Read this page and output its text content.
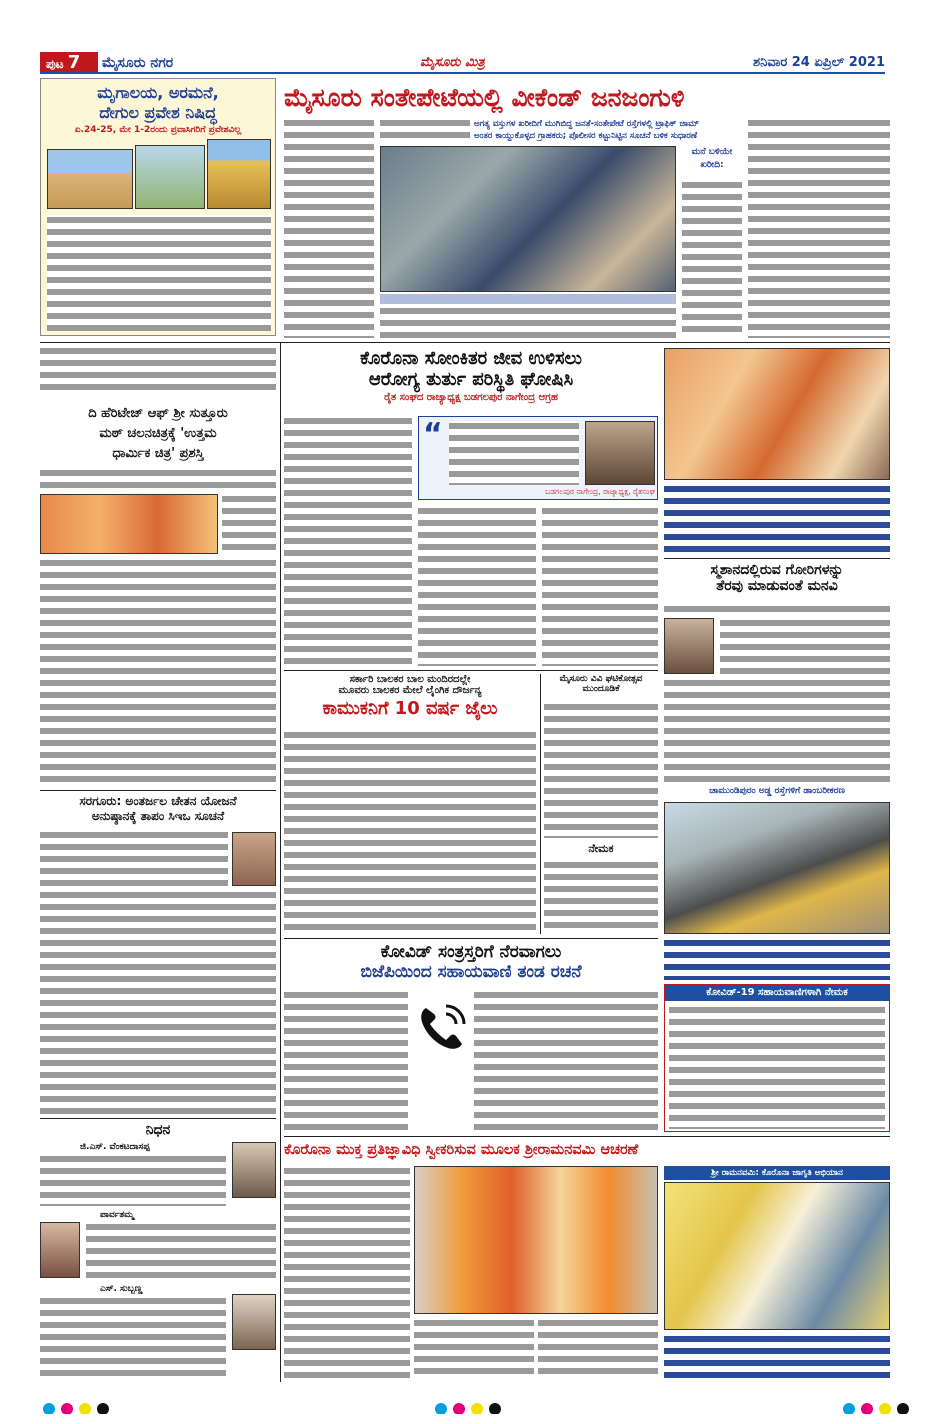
ಪುಟ 7	ಮೈಸೂರು ನಗರ	ಮೈಸೂರು ಮಿತ್ರ	ಶನಿವಾರ 24 ಏಪ್ರಿಲ್ 2021
ಮೃಗಾಲಯ, ಅರಮನೆ,
ದೇಗುಲ ಪ್ರವೇಶ ನಿಷಿದ್ಧ
ಏ.24-25, ಮೇ 1-2ರಂದು ಪ್ರವಾಸಿಗರಿಗೆ ಪ್ರವೇಶವಿಲ್ಲ
ಮೈಸೂರು ಸಂತೇಪೇಟೆಯಲ್ಲಿ ವೀಕೆಂಡ್ ಜನಜಂಗುಳಿ
ಅಗತ್ಯ ವಸ್ತುಗಳ ಖರೀದಿಗೆ ಮುಗಿಬಿದ್ದ ಜನತೆ-ಸಂತೇಪೇಟೆ ರಸ್ತೆಗಳಲ್ಲಿ ಟ್ರಾಫಿಕ್ ಜಾಮ್
ಅಂತರ ಕಾಯ್ದುಕೊಳ್ಳದ ಗ್ರಾಹಕರು; ಪೊಲೀಸರ ಕಟ್ಟುನಿಟ್ಟಿನ ಸೂಚನೆ ಬಳಿಕ ಸುಧಾರಣೆ
ಮನೆ ಬಳಿಯೇ ಖರೀದಿ:
ದಿ ಹೆರಿಟೇಜ್ ಆಫ್ ಶ್ರೀ ಸುತ್ತೂರು
ಮಠ್ ಚಲನಚಿತ್ರಕ್ಕೆ 'ಉತ್ತಮ
ಧಾರ್ಮಿಕ ಚಿತ್ರ' ಪ್ರಶಸ್ತಿ
ಸರಗೂರು: ಅಂತರ್ಜಲ ಚೇತನ ಯೋಜನೆ
ಅನುಷ್ಠಾನಕ್ಕೆ ತಾಪಂ ಸಿಇಒ ಸೂಚನೆ
ನಿಧನ
ಜಿ.ಎಸ್. ವೆಂಕಟದಾಸಪ್ಪ
ಪಾರ್ವತಮ್ಮ
ಎಸ್. ಸುಬ್ಬಣ್ಣ
ಕೊರೊನಾ ಸೋಂಕಿತರ ಜೀವ ಉಳಿಸಲು
ಆರೋಗ್ಯ ತುರ್ತು ಪರಿಸ್ಥಿತಿ ಘೋಷಿಸಿ
ರೈತ ಸಂಘದ ರಾಜ್ಯಾಧ್ಯಕ್ಷ ಬಡಗಲಪುರ ನಾಗೇಂದ್ರ ಆಗ್ರಹ
“
ಬಡಗಲಪುರ ನಾಗೇಂದ್ರ, ರಾಜ್ಯಾಧ್ಯಕ್ಷ, ರೈತಸಂಘ
ಸ್ಮಶಾನದಲ್ಲಿರುವ ಗೋರಿಗಳನ್ನು
ತೆರವು ಮಾಡುವಂತೆ ಮನವಿ
ಸರ್ಕಾರಿ ಬಾಲಕರ ಬಾಲ ಮಂದಿರದಲ್ಲೇ
ಮೂವರು ಬಾಲಕರ ಮೇಲೆ ಲೈಂಗಿಕ ದೌರ್ಜನ್ಯ
ಕಾಮುಕನಿಗೆ 10 ವರ್ಷ ಜೈಲು
ಮೈಸೂರು ವಿವಿ ಘಟಿಕೋತ್ಸವ
ಮುಂದೂಡಿಕೆ
ನೇಮಕ
ಚಾಮುಂಡಿಪುರಂ ಅಡ್ಡ ರಸ್ತೆಗಳಿಗೆ ಡಾಂಬರೀಕರಣ
ಕೋವಿಡ್ ಸಂತ್ರಸ್ತರಿಗೆ ನೆರವಾಗಲು
ಬಿಜೆಪಿಯಿಂದ ಸಹಾಯವಾಣಿ ತಂಡ ರಚನೆ
ಕೋವಿಡ್-19 ಸಹಾಯವಾಣಿಗಳಾಗಿ ನೇಮಕ
ಕೊರೊನಾ ಮುಕ್ತ ಪ್ರತಿಜ್ಞಾವಿಧಿ ಸ್ವೀಕರಿಸುವ ಮೂಲಕ ಶ್ರೀರಾಮನವಮಿ ಆಚರಣೆ
ಶ್ರೀ ರಾಮನವಮಿ: ಕೊರೊನಾ ಜಾಗೃತಿ ಅಭಿಯಾನ
